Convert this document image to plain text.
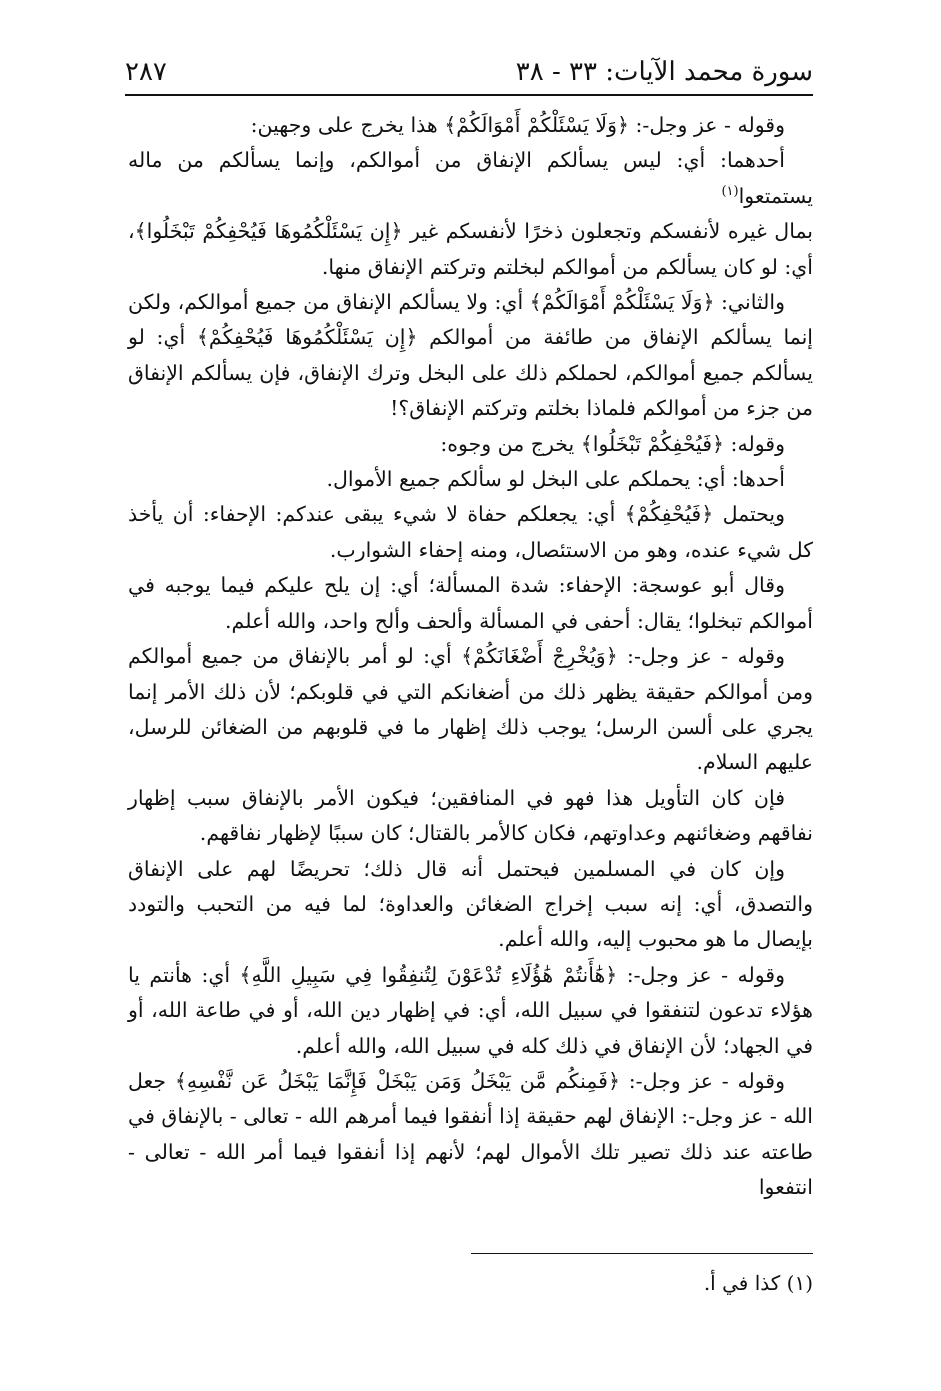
سورة محمد الآيات: ٣٣ - ٣٨
٢٨٧

وقوله - عز وجل-: ﴿وَلَا يَسْئَلْكُمْ أَمْوَالَكُمْ﴾ هذا يخرج على وجهين:

أحدهما: أي: ليس يسألكم الإنفاق من أموالكم، وإنما يسألكم من ماله يستمتعوا$^{(١)}$

بمال غيره لأنفسكم وتجعلون ذخرًا لأنفسكم غير ﴿إِن يَسْئَلْكُمُوهَا فَيُحْفِكُمْ تَبْخَلُوا﴾، أي: لو كان يسألكم من أموالكم لبخلتم وتركتم الإنفاق منها.

والثاني: ﴿وَلَا يَسْئَلْكُمْ أَمْوَالَكُمْ﴾ أي: ولا يسألكم الإنفاق من جميع أموالكم، ولكن إنما يسألكم الإنفاق من طائفة من أموالكم ﴿إِن يَسْئَلْكُمُوهَا فَيُحْفِكُمْ﴾ أي: لو يسألكم جميع أموالكم، لحملكم ذلك على البخل وترك الإنفاق، فإن يسألكم الإنفاق من جزء من أموالكم فلماذا بخلتم وتركتم الإنفاق؟!

وقوله: ﴿فَيُحْفِكُمْ تَبْخَلُوا﴾ يخرج من وجوه:

أحدها: أي: يحملكم على البخل لو سألكم جميع الأموال.

ويحتمل ﴿فَيُحْفِكُمْ﴾ أي: يجعلكم حفاة لا شيء يبقى عندكم: الإحفاء: أن يأخذ كل شيء عنده، وهو من الاستئصال، ومنه إحفاء الشوارب.

وقال أبو عوسجة: الإحفاء: شدة المسألة؛ أي: إن يلح عليكم فيما يوجبه في أموالكم تبخلوا؛ يقال: أحفى في المسألة وألحف وألح واحد، والله أعلم.

وقوله - عز وجل-: ﴿وَيُخْرِجْ أَضْغَانَكُمْ﴾ أي: لو أمر بالإنفاق من جميع أموالكم ومن أموالكم حقيقة يظهر ذلك من أضغانكم التي في قلوبكم؛ لأن ذلك الأمر إنما يجري على ألسن الرسل؛ يوجب ذلك إظهار ما في قلوبهم من الضغائن للرسل، عليهم السلام.

فإن كان التأويل هذا فهو في المنافقين؛ فيكون الأمر بالإنفاق سبب إظهار نفاقهم وضغائنهم وعداوتهم، فكان كالأمر بالقتال؛ كان سببًا لإظهار نفاقهم.

وإن كان في المسلمين فيحتمل أنه قال ذلك؛ تحريضًا لهم على الإنفاق والتصدق، أي: إنه سبب إخراج الضغائن والعداوة؛ لما فيه من التحبب والتودد بإيصال ما هو محبوب إليه، والله أعلم.

وقوله - عز وجل-: ﴿هَٰأَنتُمْ هَٰؤُلَاءِ تُدْعَوْنَ لِتُنفِقُوا فِي سَبِيلِ اللَّهِ﴾ أي: هأنتم يا هؤلاء تدعون لتنفقوا في سبيل الله، أي: في إظهار دين الله، أو في طاعة الله، أو في الجهاد؛ لأن الإنفاق في ذلك كله في سبيل الله، والله أعلم.

وقوله - عز وجل-: ﴿فَمِنكُم مَّن يَبْخَلُ وَمَن يَبْخَلْ فَإِنَّمَا يَبْخَلُ عَن نَّفْسِهِ﴾ جعل الله - عز وجل-: الإنفاق لهم حقيقة إذا أنفقوا فيما أمرهم الله - تعالى - بالإنفاق في طاعته عند ذلك تصير تلك الأموال لهم؛ لأنهم إذا أنفقوا فيما أمر الله - تعالى - انتفعوا

(١) كذا في أ.
